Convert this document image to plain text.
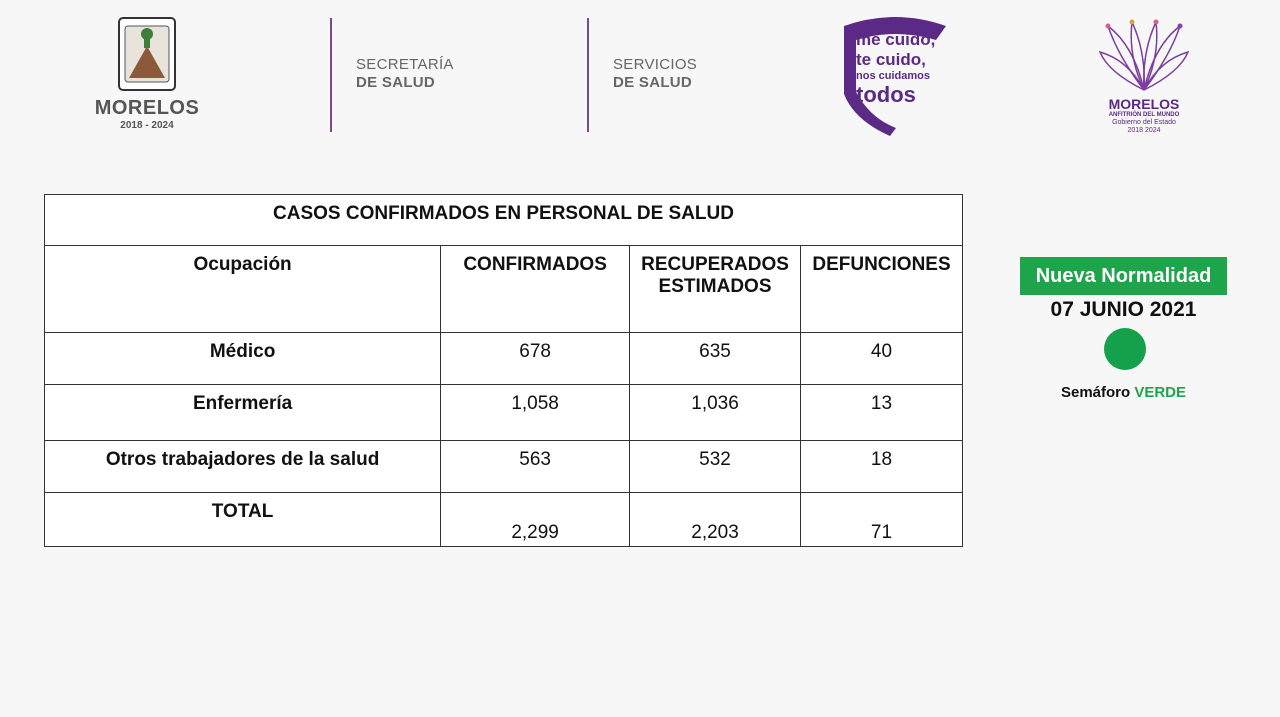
MORELOS
2018 - 2024
SECRETARÍA
DE SALUD
SERVICIOS
DE SALUD
me cuido,
te cuido,
nos cuidamos
todos	MORELOS
ANFITRIÓN DEL MUNDO
Gobierno del Estado
2018 2024
CASOS CONFIRMADOS EN PERSONAL DE SALUD			
Ocupación	CONFIRMADOS	RECUPERADOS ESTIMADOS	DEFUNCIONES
Médico	678	635	40
Enfermería	1,058	1,036	13
Otros trabajadores de la salud	563	532	18
TOTAL	2,299	2,203	71
Nueva Normalidad
07 JUNIO 2021
Semáforo VERDE
